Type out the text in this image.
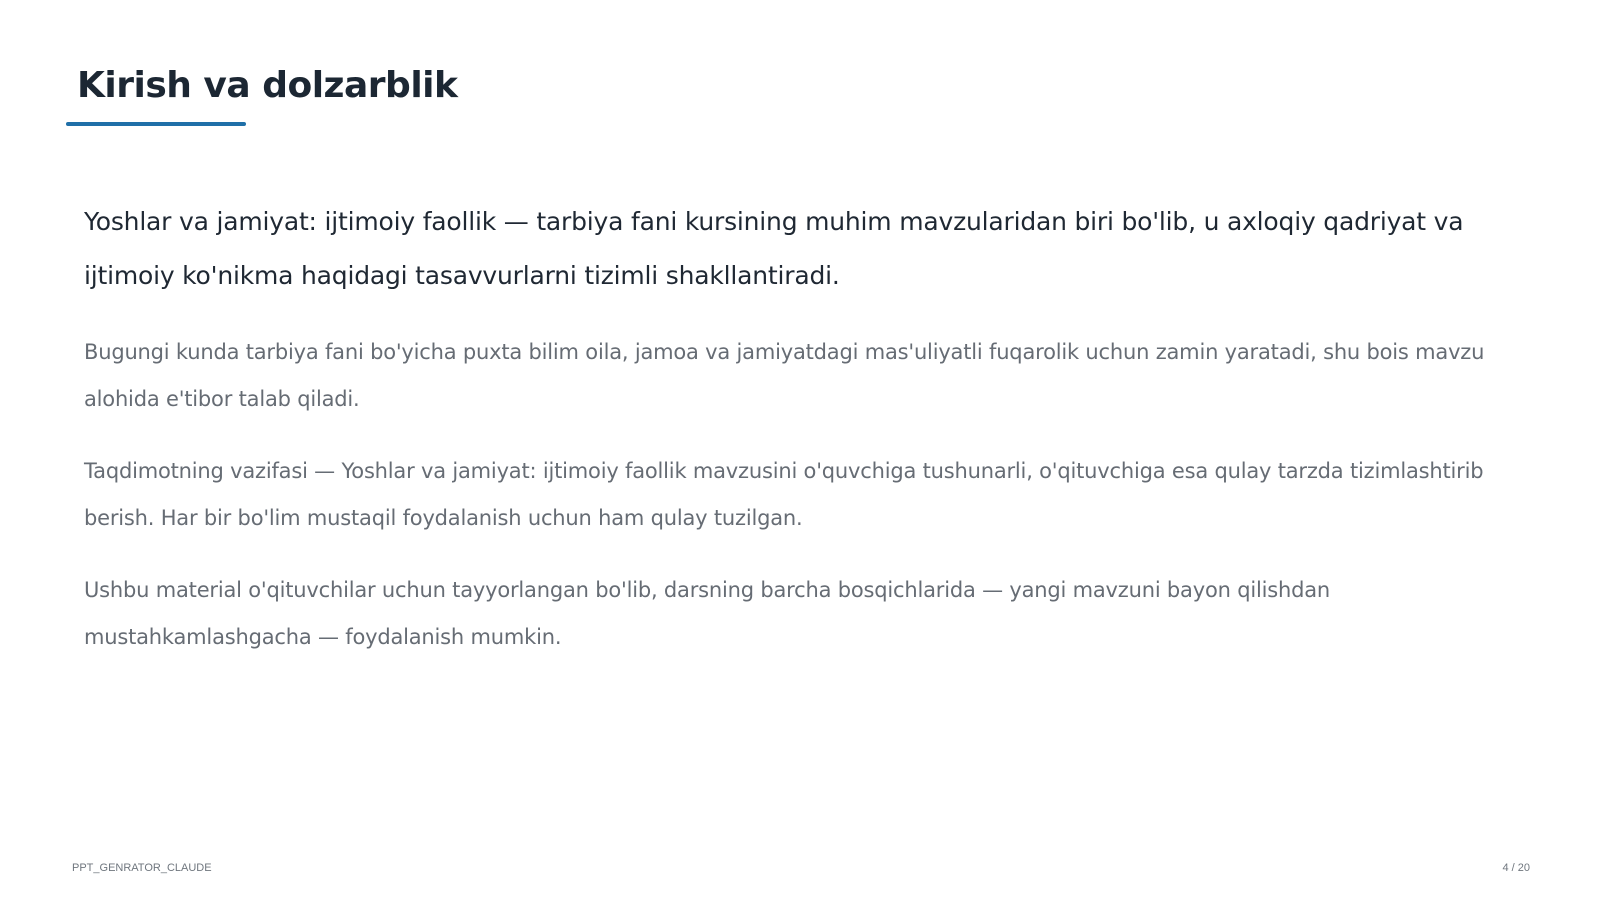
Kirish va dolzarblik

Yoshlar va jamiyat: ijtimoiy faollik — tarbiya fani kursining muhim mavzularidan biri bo'lib, u axloqiy qadriyat va ijtimoiy ko'nikma haqidagi tasavvurlarni tizimli shakllantiradi.

Bugungi kunda tarbiya fani bo'yicha puxta bilim oila, jamoa va jamiyatdagi mas'uliyatli fuqarolik uchun zamin yaratadi, shu bois mavzu alohida e'tibor talab qiladi.

Taqdimotning vazifasi — Yoshlar va jamiyat: ijtimoiy faollik mavzusini o'quvchiga tushunarli, o'qituvchiga esa qulay tarzda tizimlashtirib berish. Har bir bo'lim mustaqil foydalanish uchun ham qulay tuzilgan.

Ushbu material o'qituvchilar uchun tayyorlangan bo'lib, darsning barcha bosqichlarida — yangi mavzuni bayon qilishdan mustahkamlashgacha — foydalanish mumkin.

PPT_GENRATOR_CLAUDE	4 / 20
